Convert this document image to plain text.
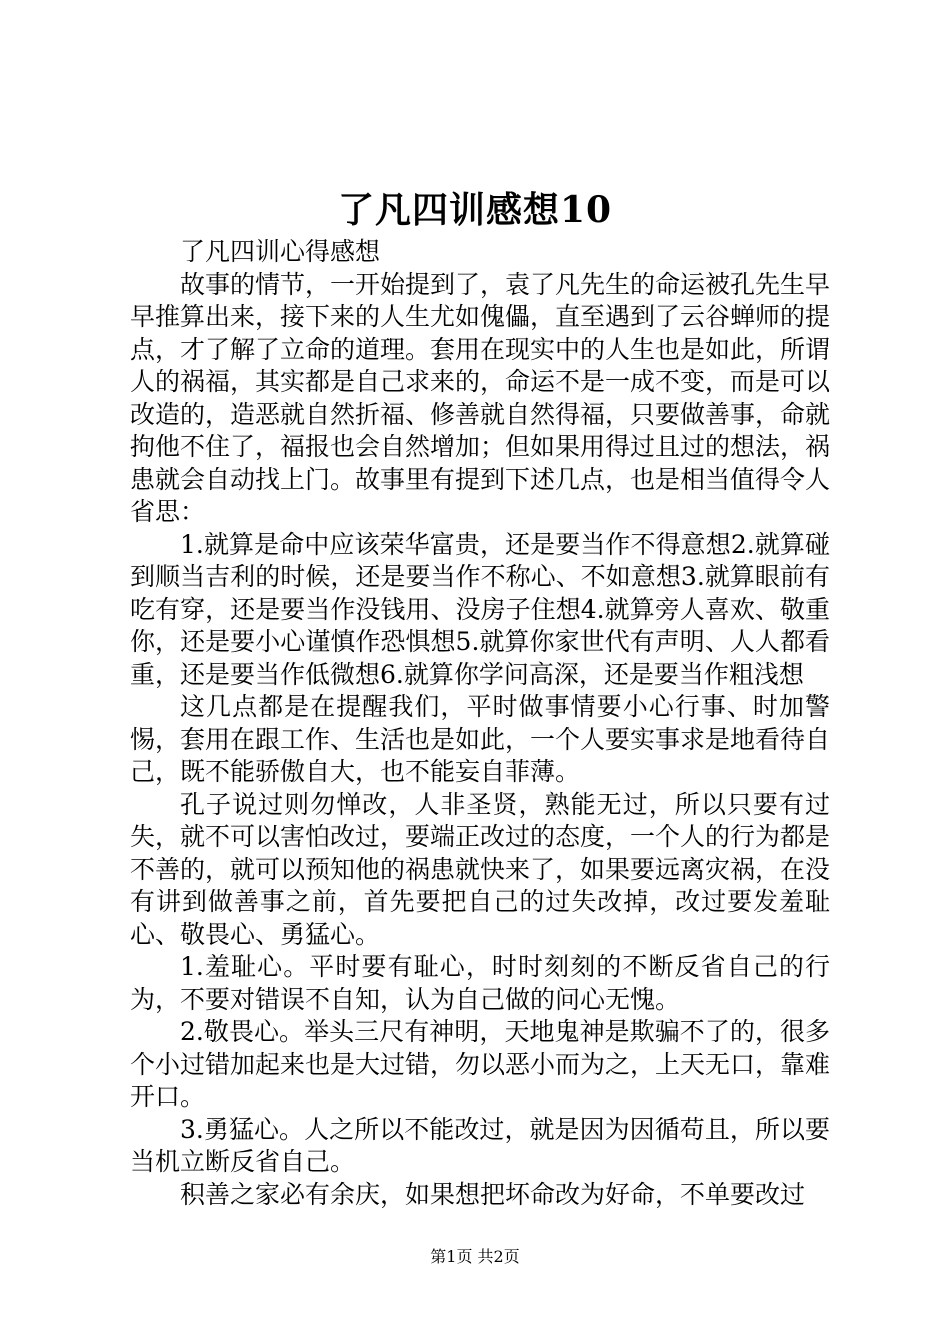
了凡四训感想10

了凡四训心得感想

故事的情节，一开始提到了，袁了凡先生的命运被孔先生早早推算出来，接下来的人生尤如傀儡，直至遇到了云谷蝉师的提点，才了解了立命的道理。套用在现实中的人生也是如此，所谓人的祸福，其实都是自己求来的，命运不是一成不变，而是可以改造的，造恶就自然折福、修善就自然得福，只要做善事，命就拘他不住了，福报也会自然增加；但如果用得过且过的想法，祸患就会自动找上门。故事里有提到下述几点，也是相当值得令人省思：

1.就算是命中应该荣华富贵，还是要当作不得意想2.就算碰到顺当吉利的时候，还是要当作不称心、不如意想3.就算眼前有吃有穿，还是要当作没钱用、没房子住想4.就算旁人喜欢、敬重你，还是要小心谨慎作恐惧想5.就算你家世代有声明、人人都看重，还是要当作低微想6.就算你学问高深，还是要当作粗浅想

这几点都是在提醒我们，平时做事情要小心行事、时加警惕，套用在跟工作、生活也是如此，一个人要实事求是地看待自己，既不能骄傲自大，也不能妄自菲薄。

孔子说过则勿惮改，人非圣贤，熟能无过，所以只要有过失，就不可以害怕改过，要端正改过的态度，一个人的行为都是不善的，就可以预知他的祸患就快来了，如果要远离灾祸，在没有讲到做善事之前，首先要把自己的过失改掉，改过要发羞耻心、敬畏心、勇猛心。

1.羞耻心。平时要有耻心，时时刻刻的不断反省自己的行为，不要对错误不自知，认为自己做的问心无愧。

2.敬畏心。举头三尺有神明，天地鬼神是欺骗不了的，很多个小过错加起来也是大过错，勿以恶小而为之，上天无口，靠难开口。

3.勇猛心。人之所以不能改过，就是因为因循苟且，所以要当机立断反省自己。

积善之家必有余庆，如果想把坏命改为好命，不单要改过

第1页 共2页
